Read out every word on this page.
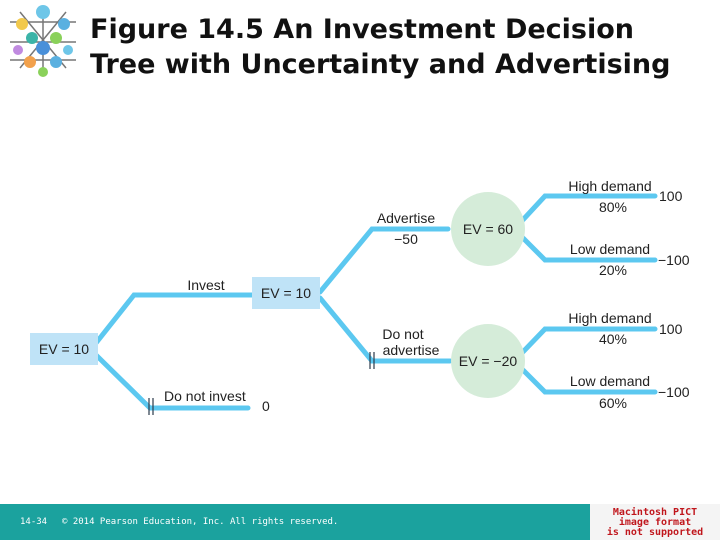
Figure 14.5 An Investment Decision
Tree with Uncertainty and Advertising
EV = 10
EV = 10
EV = 60
EV = −20
Invest
Do not invest
0
Advertise
−50
Do not
advertise
High demand
80%
100
Low demand
20%
−100
High demand
40%
100
Low demand
60%
−100
14-34 © 2014 Pearson Education, Inc. All rights reserved.
Macintosh PICT
image format
is not supported
